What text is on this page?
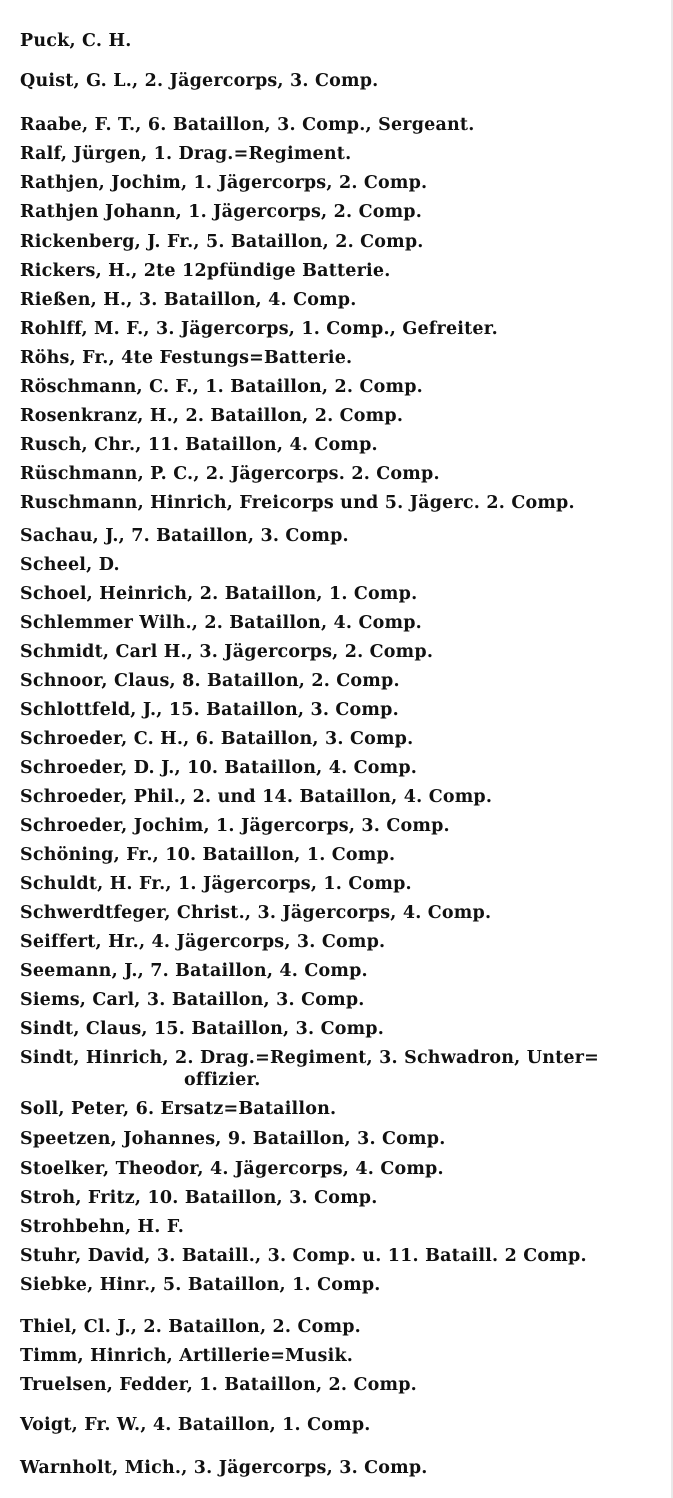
Puck, C. H.
Quist, G. L., 2. Jägercorps, 3. Comp.
Raabe, F. T., 6. Bataillon, 3. Comp., Sergeant.
Ralf, Jürgen, 1. Drag.=Regiment.
Rathjen, Jochim, 1. Jägercorps, 2. Comp.
Rathjen Johann, 1. Jägercorps, 2. Comp.
Rickenberg, J. Fr., 5. Bataillon, 2. Comp.
Rickers, H., 2te 12pfündige Batterie.
Rießen, H., 3. Bataillon, 4. Comp.
Rohlff, M. F., 3. Jägercorps, 1. Comp., Gefreiter.
Röhs, Fr., 4te Festungs=Batterie.
Röschmann, C. F., 1. Bataillon, 2. Comp.
Rosenkranz, H., 2. Bataillon, 2. Comp.
Rusch, Chr., 11. Bataillon, 4. Comp.
Rüschmann, P. C., 2. Jägercorps. 2. Comp.
Ruschmann, Hinrich, Freicorps und 5. Jägerc. 2. Comp.
Sachau, J., 7. Bataillon, 3. Comp.
Scheel, D.
Schoel, Heinrich, 2. Bataillon, 1. Comp.
Schlemmer Wilh., 2. Bataillon, 4. Comp.
Schmidt, Carl H., 3. Jägercorps, 2. Comp.
Schnoor, Claus, 8. Bataillon, 2. Comp.
Schlottfeld, J., 15. Bataillon, 3. Comp.
Schroeder, C. H., 6. Bataillon, 3. Comp.
Schroeder, D. J., 10. Bataillon, 4. Comp.
Schroeder, Phil., 2. und 14. Bataillon, 4. Comp.
Schroeder, Jochim, 1. Jägercorps, 3. Comp.
Schöning, Fr., 10. Bataillon, 1. Comp.
Schuldt, H. Fr., 1. Jägercorps, 1. Comp.
Schwerdtfeger, Christ., 3. Jägercorps, 4. Comp.
Seiffert, Hr., 4. Jägercorps, 3. Comp.
Seemann, J., 7. Bataillon, 4. Comp.
Siems, Carl, 3. Bataillon, 3. Comp.
Sindt, Claus, 15. Bataillon, 3. Comp.
Sindt, Hinrich, 2. Drag.=Regiment, 3. Schwadron, Unter=
offizier.
Soll, Peter, 6. Ersatz=Bataillon.
Speetzen, Johannes, 9. Bataillon, 3. Comp.
Stoelker, Theodor, 4. Jägercorps, 4. Comp.
Stroh, Fritz, 10. Bataillon, 3. Comp.
Strohbehn, H. F.
Stuhr, David, 3. Bataill., 3. Comp. u. 11. Bataill. 2 Comp.
Siebke, Hinr., 5. Bataillon, 1. Comp.
Thiel, Cl. J., 2. Bataillon, 2. Comp.
Timm, Hinrich, Artillerie=Musik.
Truelsen, Fedder, 1. Bataillon, 2. Comp.
Voigt, Fr. W., 4. Bataillon, 1. Comp.
Warnholt, Mich., 3. Jägercorps, 3. Comp.
